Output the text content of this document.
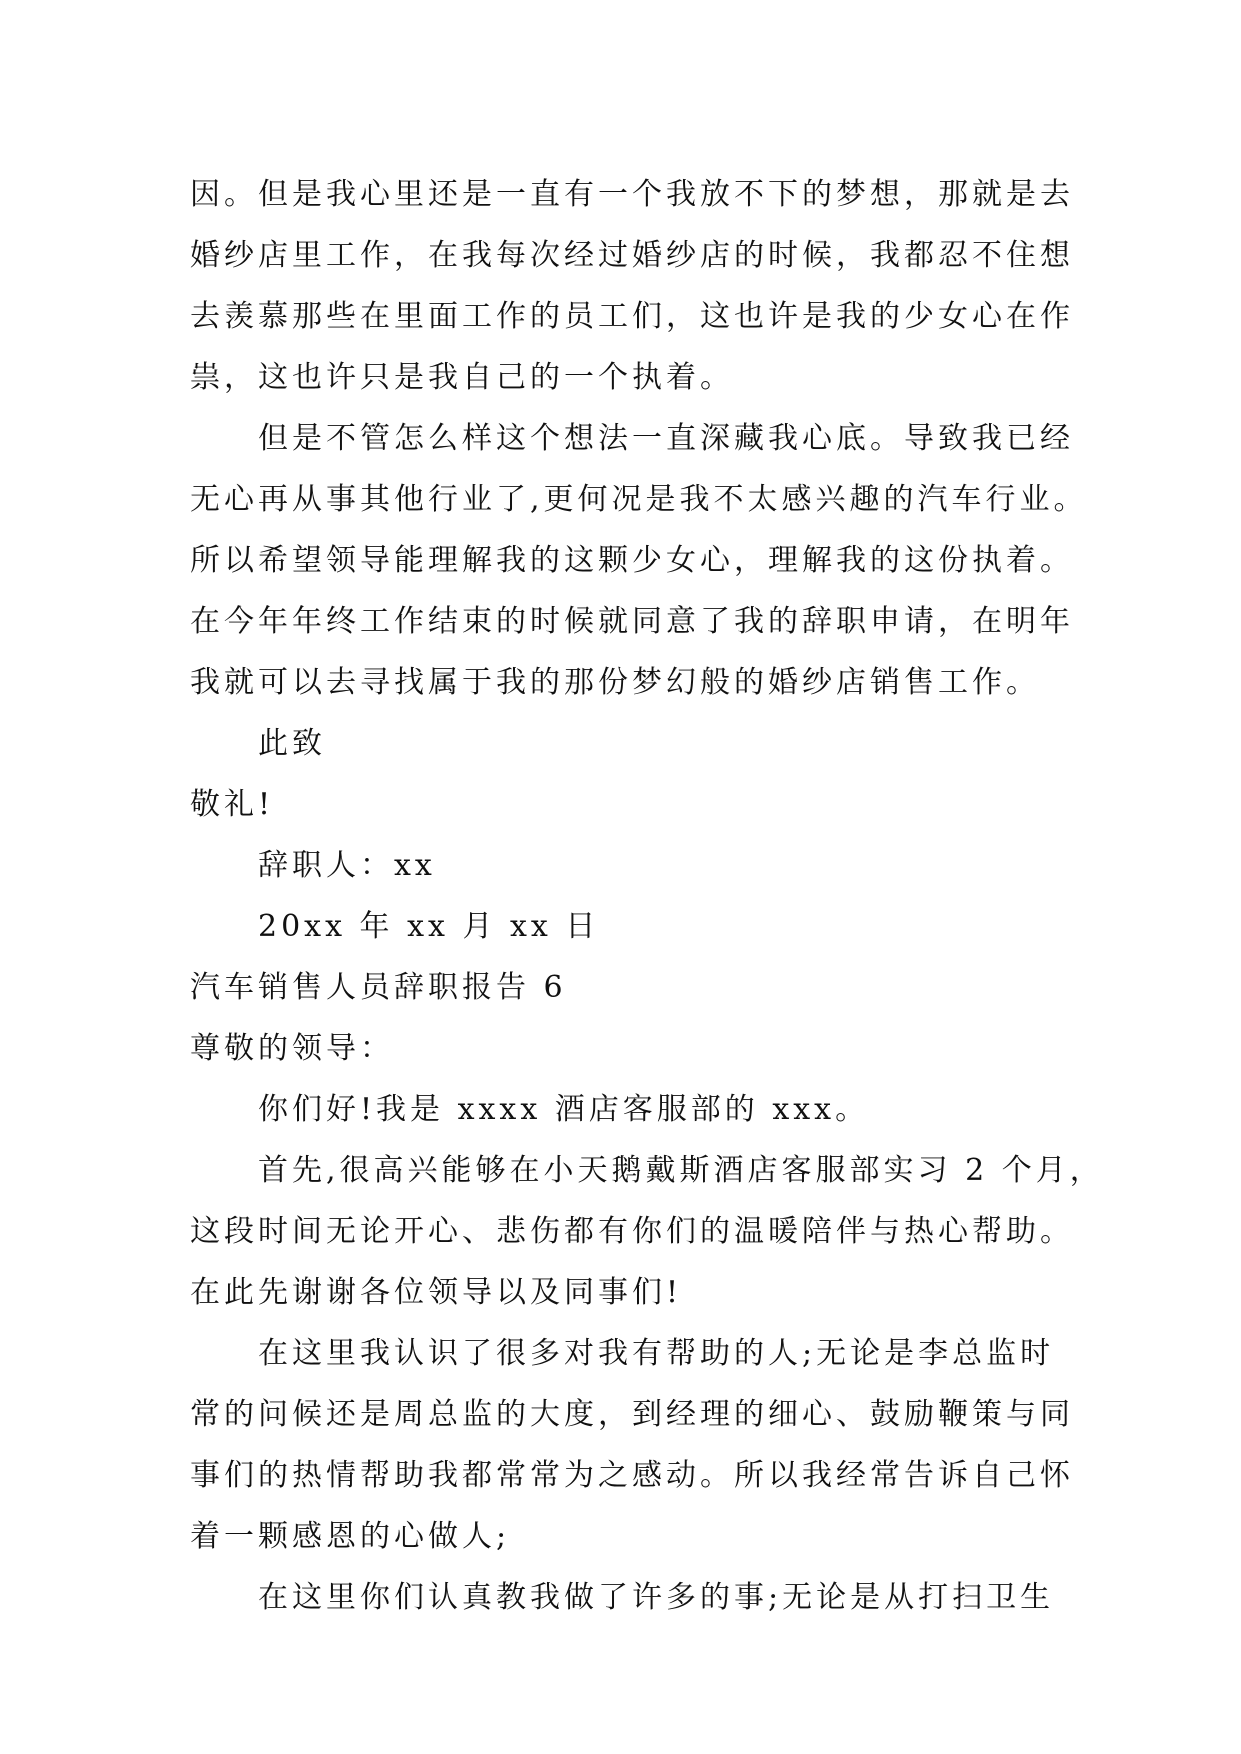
因。但是我心里还是一直有一个我放不下的梦想，那就是去
婚纱店里工作，在我每次经过婚纱店的时候，我都忍不住想
去羡慕那些在里面工作的员工们，这也许是我的少女心在作
祟，这也许只是我自己的一个执着。
但是不管怎么样这个想法一直深藏我心底。导致我已经
无心再从事其他行业了,更何况是我不太感兴趣的汽车行业。
所以希望领导能理解我的这颗少女心，理解我的这份执着。
在今年年终工作结束的时候就同意了我的辞职申请，在明年
我就可以去寻找属于我的那份梦幻般的婚纱店销售工作。
此致
敬礼!
辞职人：xx
20xx 年 xx 月 xx 日
汽车销售人员辞职报告 6
尊敬的领导：
你们好!我是 xxxx 酒店客服部的 xxx。
首先,很高兴能够在小天鹅戴斯酒店客服部实习 2 个月，
这段时间无论开心、悲伤都有你们的温暖陪伴与热心帮助。
在此先谢谢各位领导以及同事们!
在这里我认识了很多对我有帮助的人;无论是李总监时
常的问候还是周总监的大度，到经理的细心、鼓励鞭策与同
事们的热情帮助我都常常为之感动。所以我经常告诉自己怀
着一颗感恩的心做人;
在这里你们认真教我做了许多的事;无论是从打扫卫生
